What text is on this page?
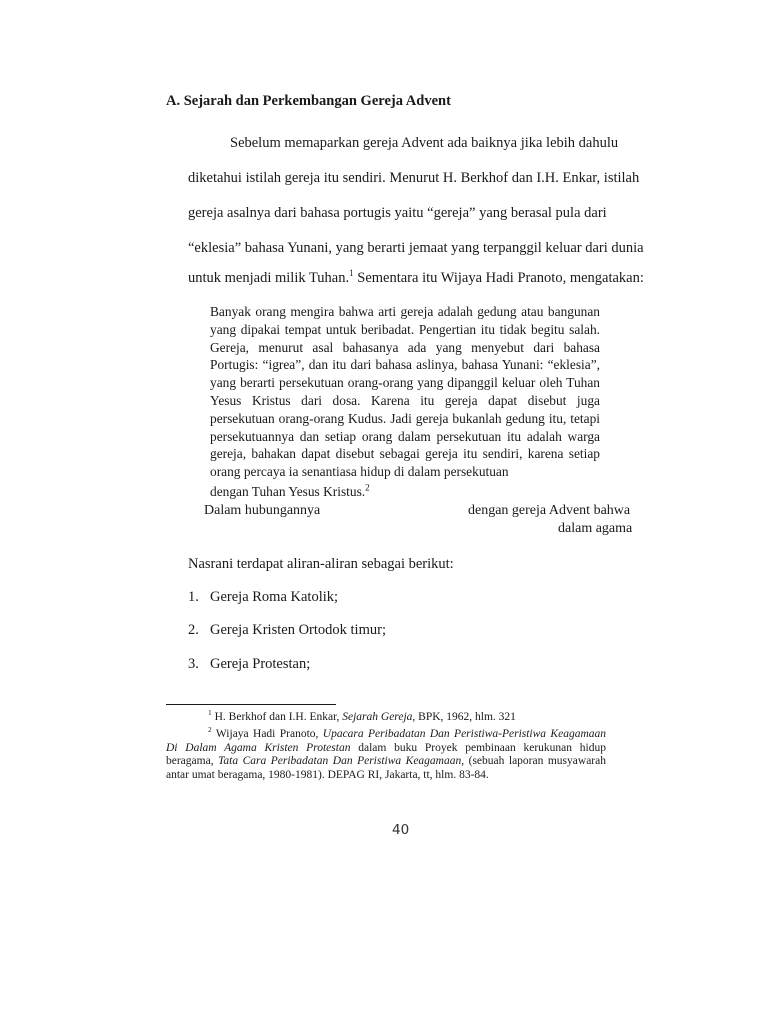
A. Sejarah dan Perkembangan Gereja Advent
Sebelum memaparkan gereja Advent ada baiknya jika lebih dahulu
diketahui istilah gereja itu sendiri. Menurut H. Berkhof dan I.H. Enkar, istilah
gereja asalnya dari bahasa portugis yaitu “gereja” yang berasal pula dari
“eklesia” bahasa Yunani, yang berarti jemaat yang terpanggil keluar dari dunia
untuk menjadi milik Tuhan.$^1$ Sementara itu Wijaya Hadi Pranoto, mengatakan:
Banyak orang mengira bahwa arti gereja adalah gedung atau bangunan yang dipakai tempat untuk beribadat. Pengertian itu tidak begitu salah. Gereja, menurut asal bahasanya ada yang menyebut dari bahasa Portugis: “igrea”, dan itu dari bahasa aslinya, bahasa Yunani: “eklesia”, yang berarti persekutuan orang-orang yang dipanggil keluar oleh Tuhan Yesus Kristus dari dosa. Karena itu gereja dapat disebut juga persekutuan orang-orang Kudus. Jadi gereja bukanlah gedung itu, tetapi persekutuannya dan setiap orang dalam persekutuan itu adalah warga gereja, bahakan dapat disebut sebagai gereja itu sendiri, karena setiap orang percaya ia senantiasa hidup di dalam persekutuan
dengan Tuhan Yesus Kristus.$^2$
Dalam hubungannya	dengan gereja Advent bahwa
dalam agama
Nasrani terdapat aliran-aliran sebagai berikut:
1. Gereja Roma Katolik;
2. Gereja Kristen Ortodok timur;
3. Gereja Protestan;
$^1$ H. Berkhof dan I.H. Enkar, Sejarah Gereja, BPK, 1962, hlm. 321
$^2$ Wijaya Hadi Pranoto, Upacara Peribadatan Dan Peristiwa-Peristiwa Keagamaan Di Dalam Agama Kristen Protestan dalam buku Proyek pembinaan kerukunan hidup beragama, Tata Cara Peribadatan Dan Peristiwa Keagamaan, (sebuah laporan musyawarah antar umat beragama, 1980-1981). DEPAG RI, Jakarta, tt, hlm. 83-84.
40
